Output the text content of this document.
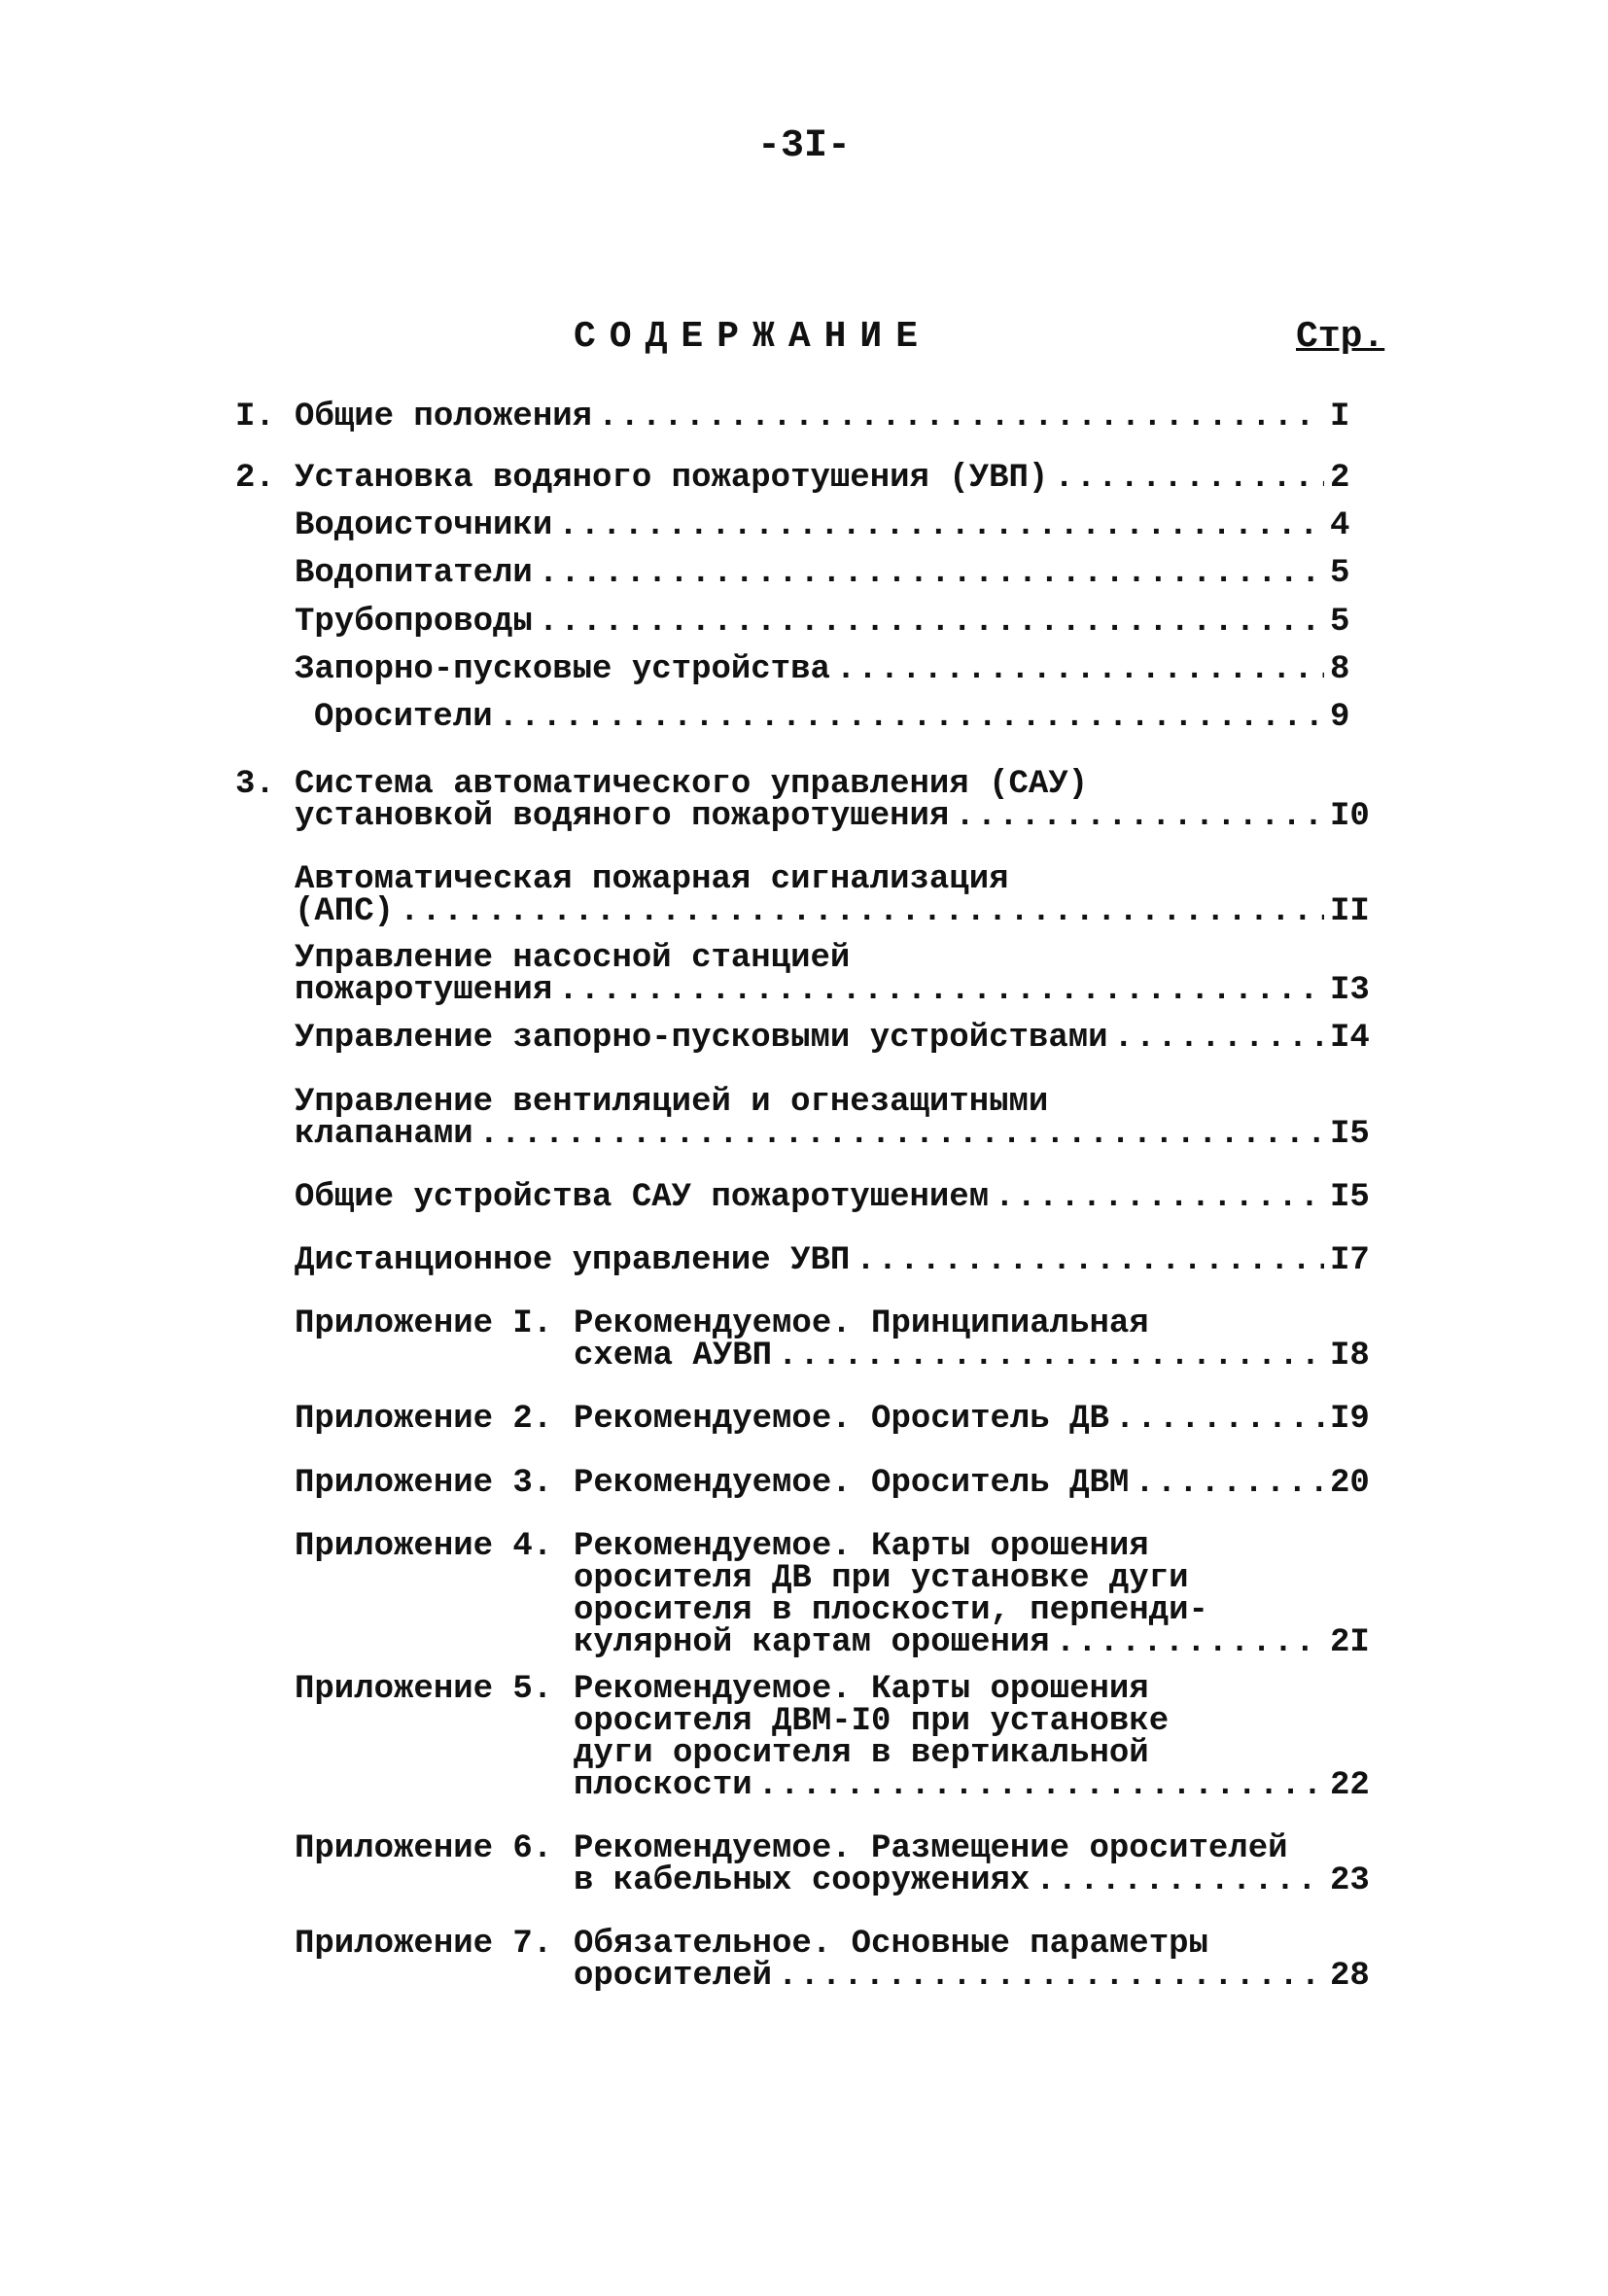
-3I-
СОДЕРЖАНИЕ	Стр.
I. Общие положения .....	I
2. Установка водяного пожаротушения (УВП) .....	2
Водоисточники .....	4
Водопитатели .....	5
Трубопроводы .....	5
Запорно-пусковые устройства .....	8
Оросители .....	9
3. Система автоматического управления (САУ)
установкой водяного пожаротушения .....	I0
Автоматическая пожарная сигнализация
(АПС) .....	II
Управление насосной станцией
пожаротушения .....	I3
Управление запорно-пусковыми устройствами .....	I4
Управление вентиляцией и огнезащитными
клапанами .....	I5
Общие устройства САУ пожаротушением .....	I5
Дистанционное управление УВП .....	I7
Приложение I. Рекомендуемое. Принципиальная
схема АУВП .....	I8
Приложение 2. Рекомендуемое. Ороситель ДВ .....	I9
Приложение 3. Рекомендуемое. Ороситель ДВМ .....	20
Приложение 4. Рекомендуемое. Карты орошения
оросителя ДВ при установке дуги
оросителя в плоскости, перпенди-
кулярной картам орошения .....	2I
Приложение 5. Рекомендуемое. Карты орошения
оросителя ДВМ-I0 при установке
дуги оросителя в вертикальной
плоскости .....	22
Приложение 6. Рекомендуемое. Размещение оросителей
в кабельных сооружениях .....	23
Приложение 7. Обязательное. Основные параметры
оросителей .....	28
